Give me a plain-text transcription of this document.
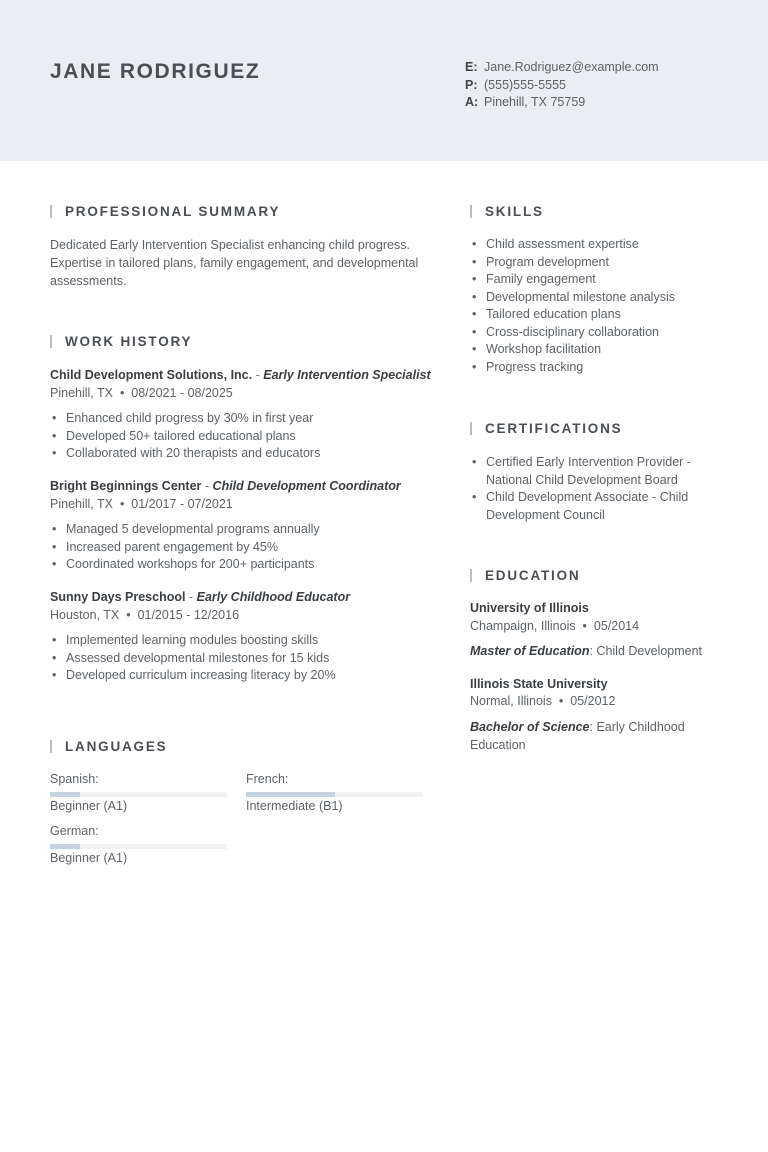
JANE RODRIGUEZ	E: Jane.Rodriguez@example.com
P: (555)555-5555
A: Pinehill, TX 75759
PROFESSIONAL SUMMARY
Dedicated Early Intervention Specialist enhancing child progress. Expertise in tailored plans, family engagement, and developmental assessments.
WORK HISTORY
Child Development Solutions, Inc. - Early Intervention Specialist
Pinehill, TX  •  08/2021 - 08/2025
• Enhanced child progress by 30% in first year
• Developed 50+ tailored educational plans
• Collaborated with 20 therapists and educators
Bright Beginnings Center - Child Development Coordinator
Pinehill, TX  •  01/2017 - 07/2021
• Managed 5 developmental programs annually
• Increased parent engagement by 45%
• Coordinated workshops for 200+ participants
Sunny Days Preschool - Early Childhood Educator
Houston, TX  •  01/2015 - 12/2016
• Implemented learning modules boosting skills
• Assessed developmental milestones for 15 kids
• Developed curriculum increasing literacy by 20%
LANGUAGES
Spanish:
Beginner (A1)
French:
Intermediate (B1)
German:
Beginner (A1)
SKILLS
• Child assessment expertise
• Program development
• Family engagement
• Developmental milestone analysis
• Tailored education plans
• Cross-disciplinary collaboration
• Workshop facilitation
• Progress tracking
CERTIFICATIONS
• Certified Early Intervention Provider - National Child Development Board
• Child Development Associate - Child Development Council
EDUCATION
University of Illinois
Champaign, Illinois  •  05/2014
Master of Education: Child Development
Illinois State University
Normal, Illinois  •  05/2012
Bachelor of Science: Early Childhood Education
